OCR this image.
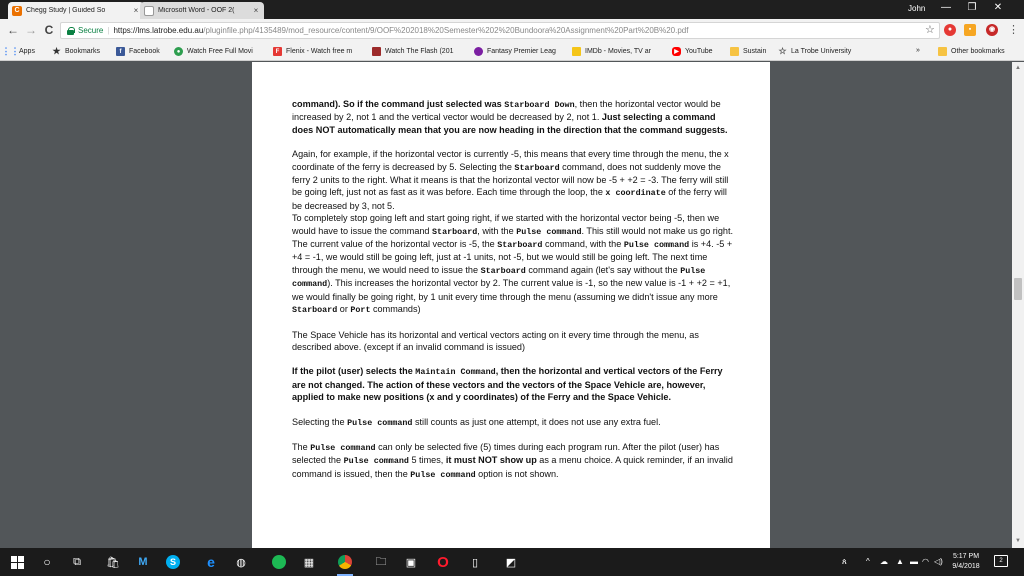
C Chegg Study | Guided So	×	Microsoft Word - OOF 2(	×	John	—	❐	✕
← → C	Secure | https://lms.latrobe.edu.au /pluginfile.php/4135489/mod_resource/content/9/OOF%202018%20Semester%202%20Bundoora%20Assignment%20Part%20B%20.pdf	☆	●	▪	◉ ⋮
⋮⋮ Apps ★ Bookmarks	f	Facebook	● Watch Free Full Movi	F Flenix - Watch free m	Watch The Flash (201	Fantasy Premier Leag	IMDb - Movies, TV ar	▶ YouTube	Sustain ☆ La Trobe University	»	Other bookmarks

command). So if the command just selected was Starboard Down, then the horizontal vector would be increased by 2, not 1 and the vertical vector would be decreased by 2, not 1. Just selecting a command does NOT automatically mean that you are now heading in the direction that the command suggests.

Again, for example, if the horizontal vector is currently -5, this means that every time through the menu, the x coordinate of the ferry is decreased by 5. Selecting the Starboard command, does not suddenly move the ferry 2 units to the right. What it means is that the horizontal vector will now be -5 + +2 = -3. The ferry will still be going left, just not as fast as it was before. Each time through the loop, the x coordinate of the ferry will be decreased by 3, not 5.

To completely stop going left and start going right, if we started with the horizontal vector being -5, then we would have to issue the command Starboard, with the Pulse command. This still would not make us go right. The current value of the horizontal vector is -5, the Starboard command, with the Pulse command is +4. -5 + +4 = -1, we would still be going left, just at -1 units, not -5, but we would still be going left. The next time through the menu, we would need to issue the Starboard command again (let's say without the Pulse command). This increases the horizontal vector by 2. The current value is -1, so the new value is -1 + +2 = +1, we would finally be going right, by 1 unit every time through the menu (assuming we didn't issue any more Starboard or Port commands)

The Space Vehicle has its horizontal and vertical vectors acting on it every time through the menu, as described above. (except if an invalid command is issued)

If the pilot (user) selects the Maintain Command, then the horizontal and vertical vectors of the Ferry are not changed. The action of these vectors and the vectors of the Space Vehicle are, however, applied to make new positions (x and y coordinates) of the Ferry and the Space Vehicle.

Selecting the Pulse command still counts as just one attempt, it does not use any extra fuel.

The Pulse command can only be selected five (5) times during each program run. After the pilot (user) has selected the Pulse command 5 times, it must NOT show up as a menu choice. A quick reminder, if an invalid command is issued, then the Pulse command option is not shown.

▲
▼
○	⧉	🛍	M	S	e	◍	▦	🗀	▣ O	▯	◩	ጰ ^ ☁ ▲ ▬ ◠ ◁)
5:17 PM
9/4/2018
2
